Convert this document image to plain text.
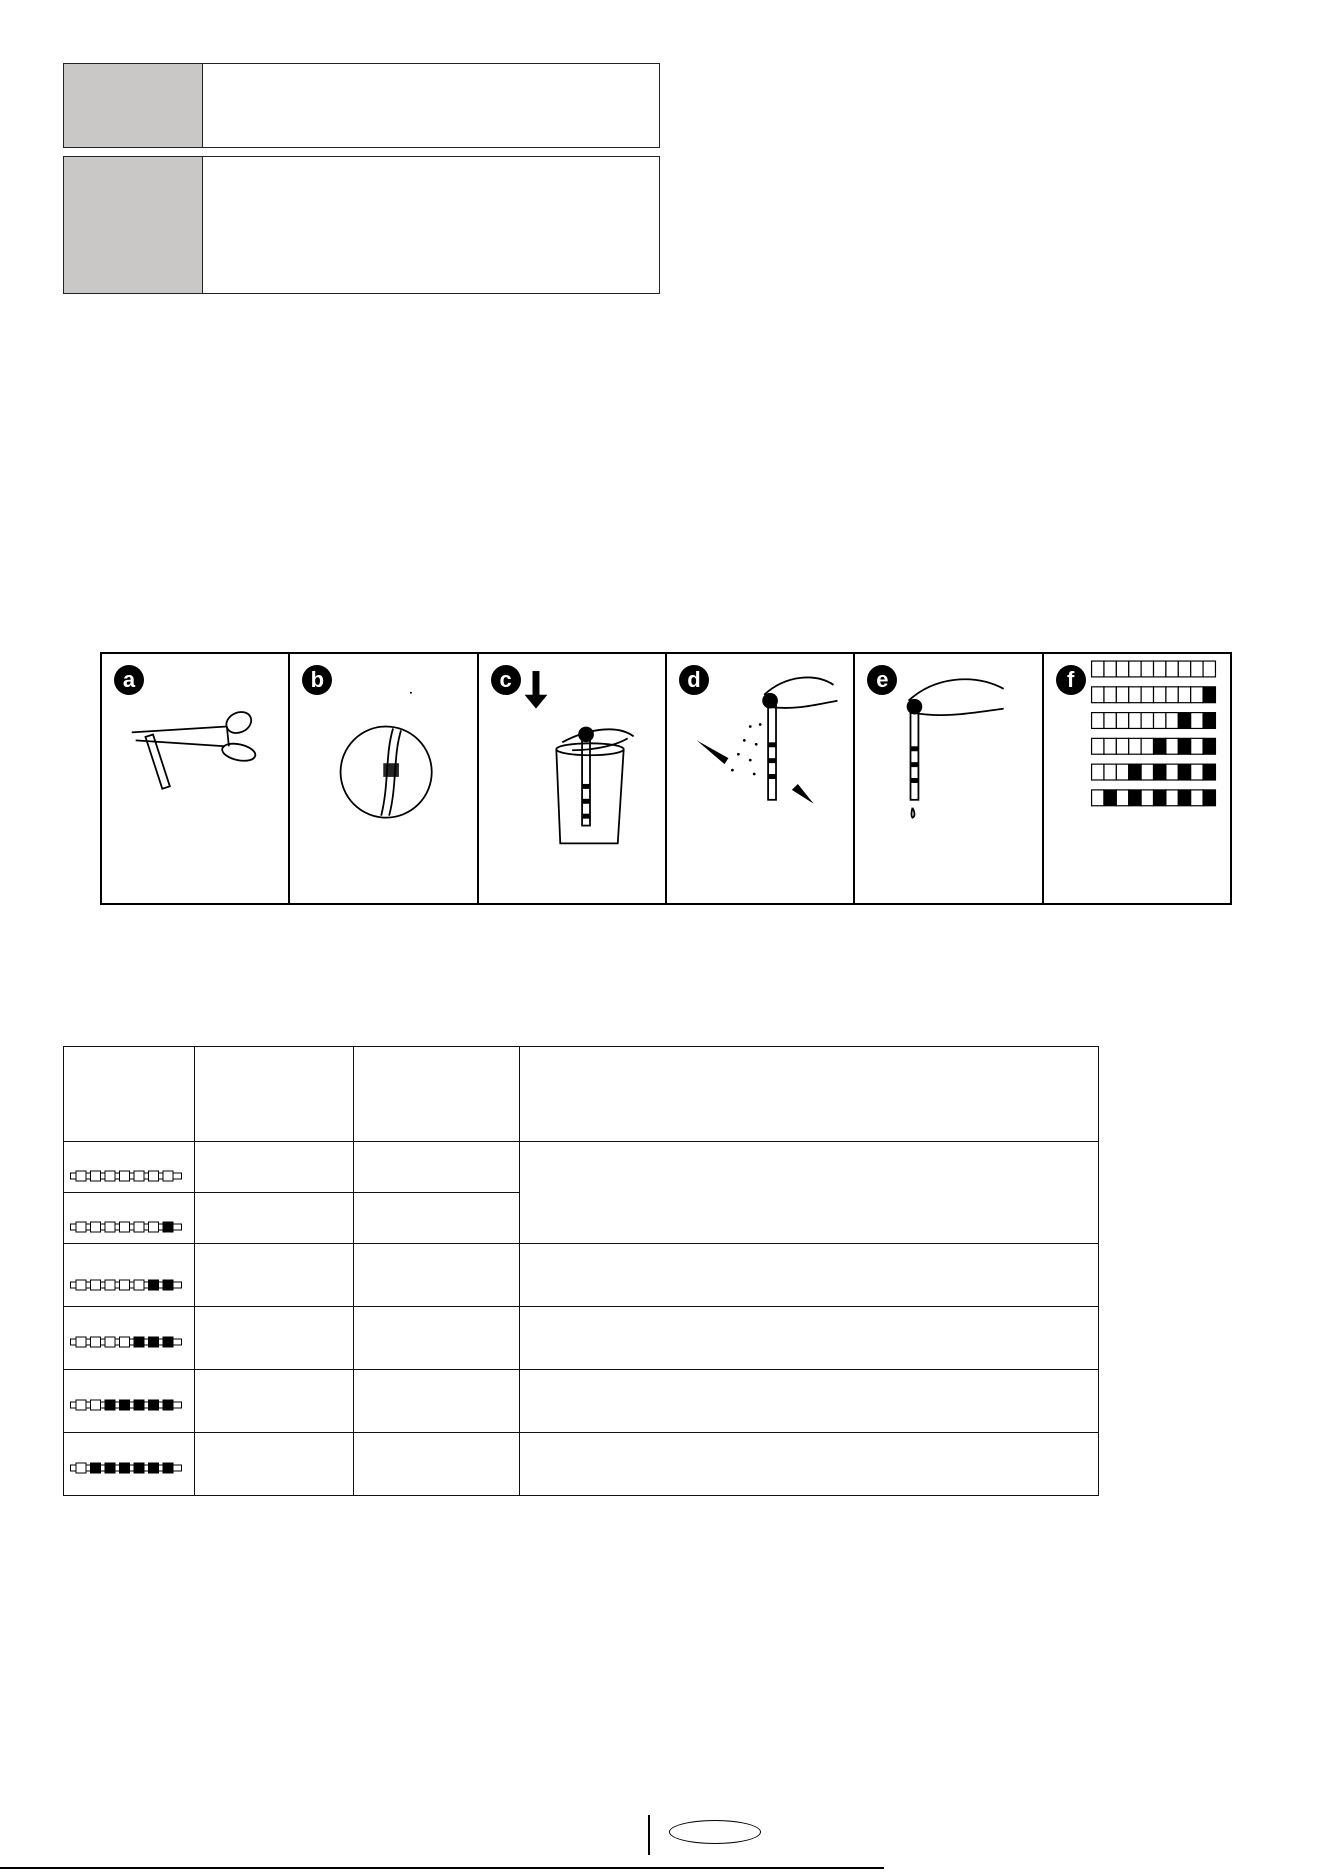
a	b	c	d	e	f
